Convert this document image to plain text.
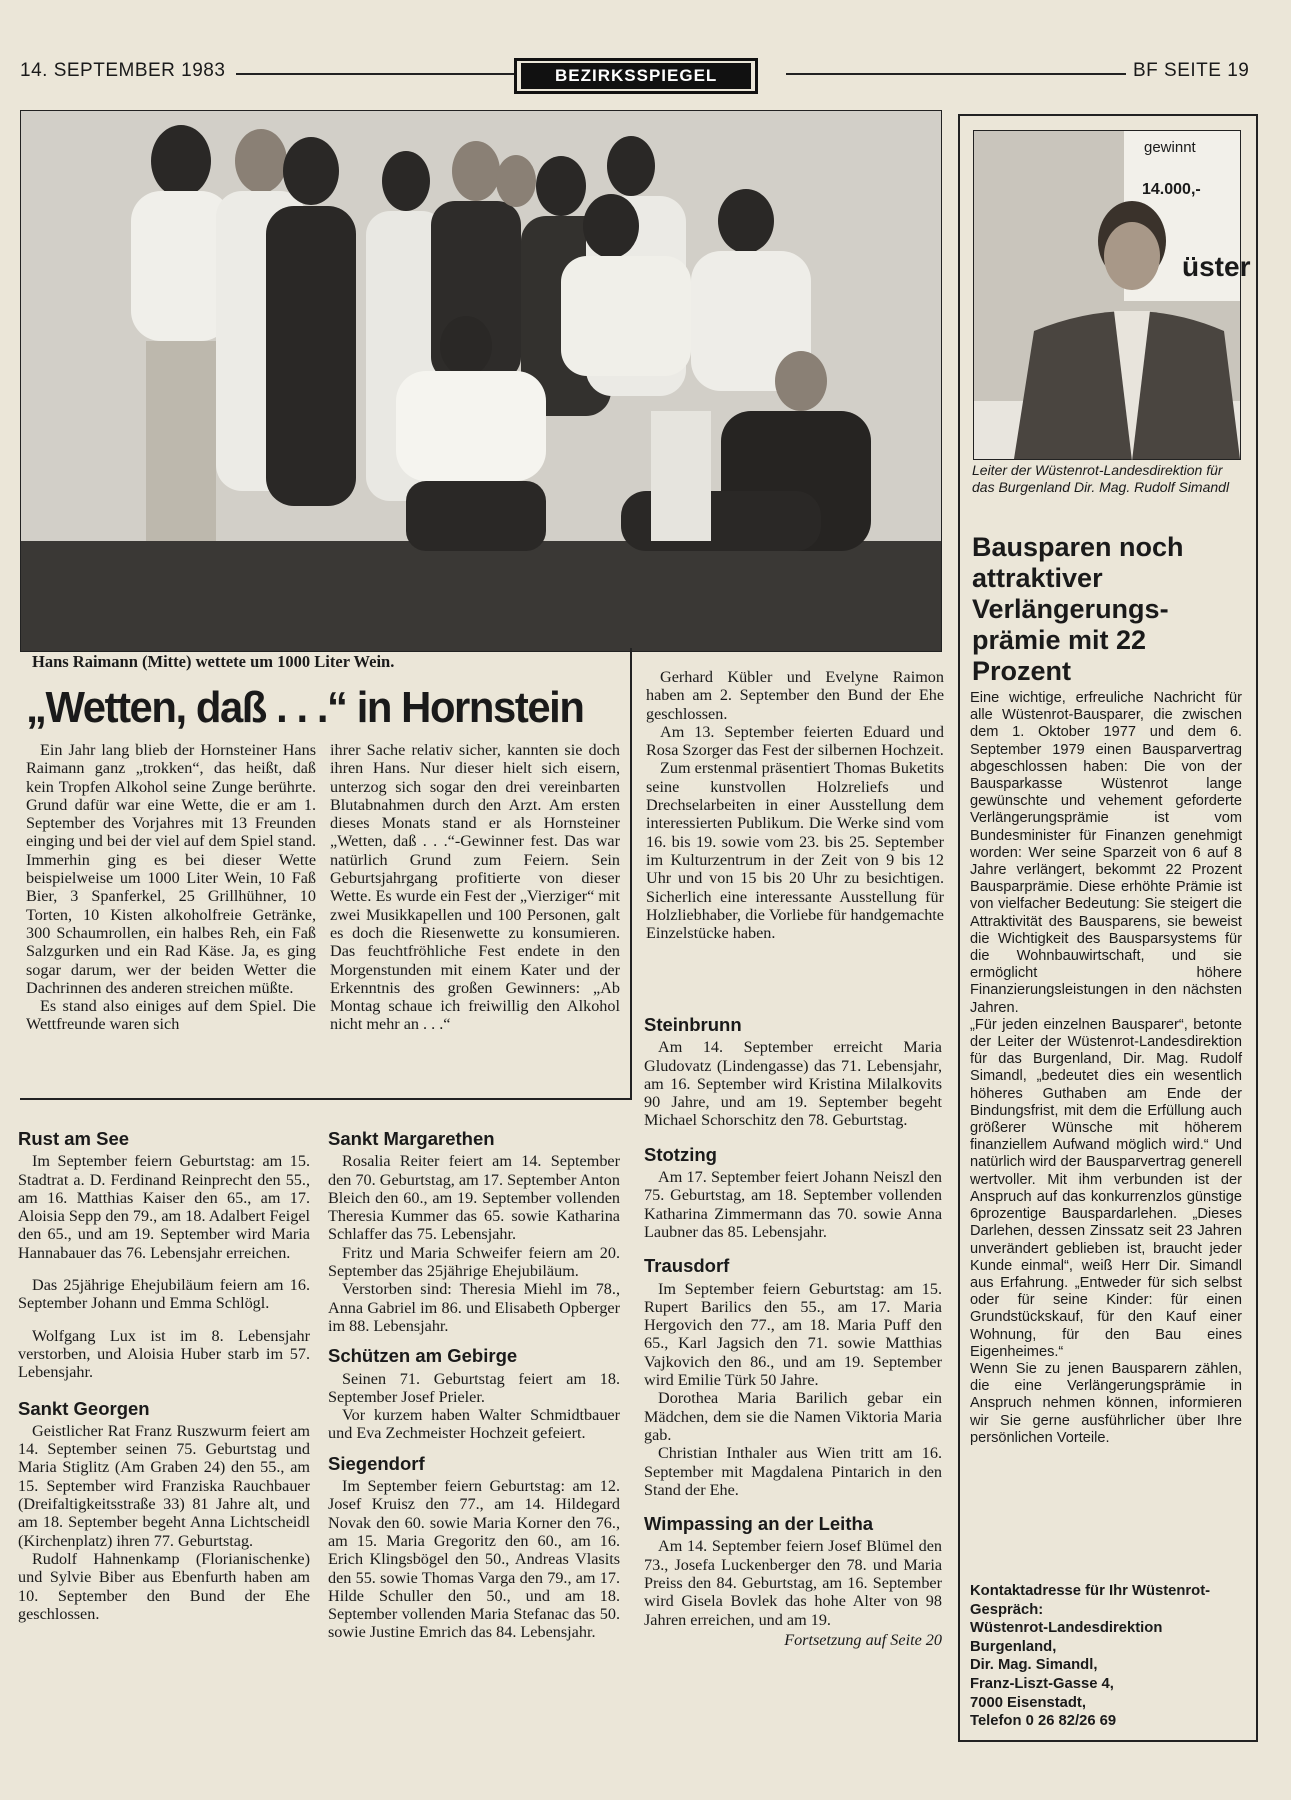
14. SEPTEMBER 1983	BEZIRKSSPIEGEL	BF SEITE 19
Hans Raimann (Mitte) wettete um 1000 Liter Wein.
„Wetten, daß . . .“ in Hornstein

Ein Jahr lang blieb der Hornsteiner Hans Raimann ganz „trokken“, das heißt, daß kein Tropfen Alkohol seine Zunge berührte. Grund dafür war eine Wette, die er am 1. September des Vorjahres mit 13 Freunden einging und bei der viel auf dem Spiel stand. Immerhin ging es bei dieser Wette beispielweise um 1000 Liter Wein, 10 Faß Bier, 3 Spanferkel, 25 Grillhühner, 10 Torten, 10 Kisten alkoholfreie Getränke, 300 Schaumrollen, ein halbes Reh, ein Faß Salzgurken und ein Rad Käse. Ja, es ging sogar darum, wer der beiden Wetter die Dachrinnen des anderen streichen müßte.

Es stand also einiges auf dem Spiel. Die Wettfreunde waren sich

ihrer Sache relativ sicher, kannten sie doch ihren Hans. Nur dieser hielt sich eisern, unterzog sich sogar den drei vereinbarten Blutabnahmen durch den Arzt. Am ersten dieses Monats stand er als Hornsteiner „Wetten, daß . . .“-Gewinner fest. Das war natürlich Grund zum Feiern. Sein Geburtsjahrgang profitierte von dieser Wette. Es wurde ein Fest der „Vierziger“ mit zwei Musikkapellen und 100 Personen, galt es doch die Riesenwette zu konsumieren. Das feuchtfröhliche Fest endete in den Morgenstunden mit einem Kater und der Erkenntnis des großen Gewinners: „Ab Montag schaue ich freiwillig den Alkohol nicht mehr an . . .“

Gerhard Kübler und Evelyne Raimon haben am 2. September den Bund der Ehe geschlossen.

Am 13. September feierten Eduard und Rosa Szorger das Fest der silbernen Hochzeit.

Zum erstenmal präsentiert Thomas Buketits seine kunstvollen Holzreliefs und Drechselarbeiten in einer Ausstellung dem interessierten Publikum. Die Werke sind vom 16. bis 19. sowie vom 23. bis 25. September im Kulturzentrum in der Zeit von 9 bis 12 Uhr und von 15 bis 20 Uhr zu besichtigen. Sicherlich eine interessante Ausstellung für Holzliebhaber, die Vorliebe für handgemachte Einzelstücke haben.

Rust am See

Im September feiern Geburtstag: am 15. Stadtrat a. D. Ferdinand Reinprecht den 55., am 16. Matthias Kaiser den 65., am 17. Aloisia Sepp den 79., am 18. Adalbert Feigel den 65., und am 19. September wird Maria Hannabauer das 76. Lebensjahr erreichen.

Das 25jährige Ehejubiläum feiern am 16. September Johann und Emma Schlögl.

Wolfgang Lux ist im 8. Lebensjahr verstorben, und Aloisia Huber starb im 57. Lebensjahr.

Sankt Georgen

Geistlicher Rat Franz Ruszwurm feiert am 14. September seinen 75. Geburtstag und Maria Stiglitz (Am Graben 24) den 55., am 15. September wird Franziska Rauchbauer (Dreifaltigkeitsstraße 33) 81 Jahre alt, und am 18. September begeht Anna Lichtscheidl (Kirchenplatz) ihren 77. Geburtstag.

Rudolf Hahnenkamp (Florianischenke) und Sylvie Biber aus Ebenfurth haben am 10. September den Bund der Ehe geschlossen.

Sankt Margarethen

Rosalia Reiter feiert am 14. September den 70. Geburtstag, am 17. September Anton Bleich den 60., am 19. September vollenden Theresia Kummer das 65. sowie Katharina Schlaffer das 75. Lebensjahr.

Fritz und Maria Schweifer feiern am 20. September das 25jährige Ehejubiläum.

Verstorben sind: Theresia Miehl im 78., Anna Gabriel im 86. und Elisabeth Opberger im 88. Lebensjahr.

Schützen am Gebirge

Seinen 71. Geburtstag feiert am 18. September Josef Prieler.

Vor kurzem haben Walter Schmidtbauer und Eva Zechmeister Hochzeit gefeiert.

Siegendorf

Im September feiern Geburtstag: am 12. Josef Kruisz den 77., am 14. Hildegard Novak den 60. sowie Maria Korner den 76., am 15. Maria Gregoritz den 60., am 16. Erich Klingsbögel den 50., Andreas Vlasits den 55. sowie Thomas Varga den 79., am 17. Hilde Schuller den 50., und am 18. September vollenden Maria Stefanac das 50. sowie Justine Emrich das 84. Lebensjahr.

Steinbrunn

Am 14. September erreicht Maria Gludovatz (Lindengasse) das 71. Lebensjahr, am 16. September wird Kristina Milalkovits 90 Jahre, und am 19. September begeht Michael Schorschitz den 78. Geburtstag.

Stotzing

Am 17. September feiert Johann Neiszl den 75. Geburtstag, am 18. September vollenden Katharina Zimmermann das 70. sowie Anna Laubner das 85. Lebensjahr.

Trausdorf

Im September feiern Geburtstag: am 15. Rupert Barilics den 55., am 17. Maria Hergovich den 77., am 18. Maria Puff den 65., Karl Jagsich den 71. sowie Matthias Vajkovich den 86., und am 19. September wird Emilie Türk 50 Jahre.

Dorothea Maria Barilich gebar ein Mädchen, dem sie die Namen Viktoria Maria gab.

Christian Inthaler aus Wien tritt am 16. September mit Magdalena Pintarich in den Stand der Ehe.

Wimpassing an der Leitha

Am 14. September feiern Josef Blümel den 73., Josefa Luckenberger den 78. und Maria Preiss den 84. Geburtstag, am 16. September wird Gisela Bovlek das hohe Alter von 98 Jahren erreichen, und am 19.

Fortsetzung auf Seite 20
gewinnt
14.000,-
üster
Leiter der Wüstenrot-Landesdirektion für das Burgenland Dir. Mag. Rudolf Simandl
Bausparen noch attraktiver Verlängerungs-prämie mit 22 Prozent

Eine wichtige, erfreuliche Nachricht für alle Wüstenrot-Bausparer, die zwischen dem 1. Oktober 1977 und dem 6. September 1979 einen Bausparvertrag abgeschlossen haben: Die von der Bausparkasse Wüstenrot lange gewünschte und vehement geforderte Verlängerungsprämie ist vom Bundesminister für Finanzen genehmigt worden: Wer seine Sparzeit von 6 auf 8 Jahre verlängert, bekommt 22 Prozent Bausparprämie. Diese erhöhte Prämie ist von vielfacher Bedeutung: Sie steigert die Attraktivität des Bausparens, sie beweist die Wichtigkeit des Bausparsystems für die Wohnbauwirtschaft, und sie ermöglicht höhere Finanzierungsleistungen in den nächsten Jahren.

„Für jeden einzelnen Bausparer“, betonte der Leiter der Wüstenrot-Landesdirektion für das Burgenland, Dir. Mag. Rudolf Simandl, „bedeutet dies ein wesentlich höheres Guthaben am Ende der Bindungsfrist, mit dem die Erfüllung auch größerer Wünsche mit höherem finanziellem Aufwand möglich wird.“ Und natürlich wird der Bausparvertrag generell wertvoller. Mit ihm verbunden ist der Anspruch auf das konkurrenzlos günstige 6prozentige Bauspardarlehen. „Dieses Darlehen, dessen Zinssatz seit 23 Jahren unverändert geblieben ist, braucht jeder Kunde einmal“, weiß Herr Dir. Simandl aus Erfahrung. „Entweder für sich selbst oder für seine Kinder: für einen Grundstückskauf, für den Kauf einer Wohnung, für den Bau eines Eigenheimes.“

Wenn Sie zu jenen Bausparern zählen, die eine Verlängerungsprämie in Anspruch nehmen können, informieren wir Sie gerne ausführlicher über Ihre persönlichen Vorteile.

Kontaktadresse für Ihr Wüstenrot-Gespräch:
Wüstenrot-Landesdirektion
Burgenland,
Dir. Mag. Simandl,
Franz-Liszt-Gasse 4,
7000 Eisenstadt,
Telefon 0 26 82/26 69
